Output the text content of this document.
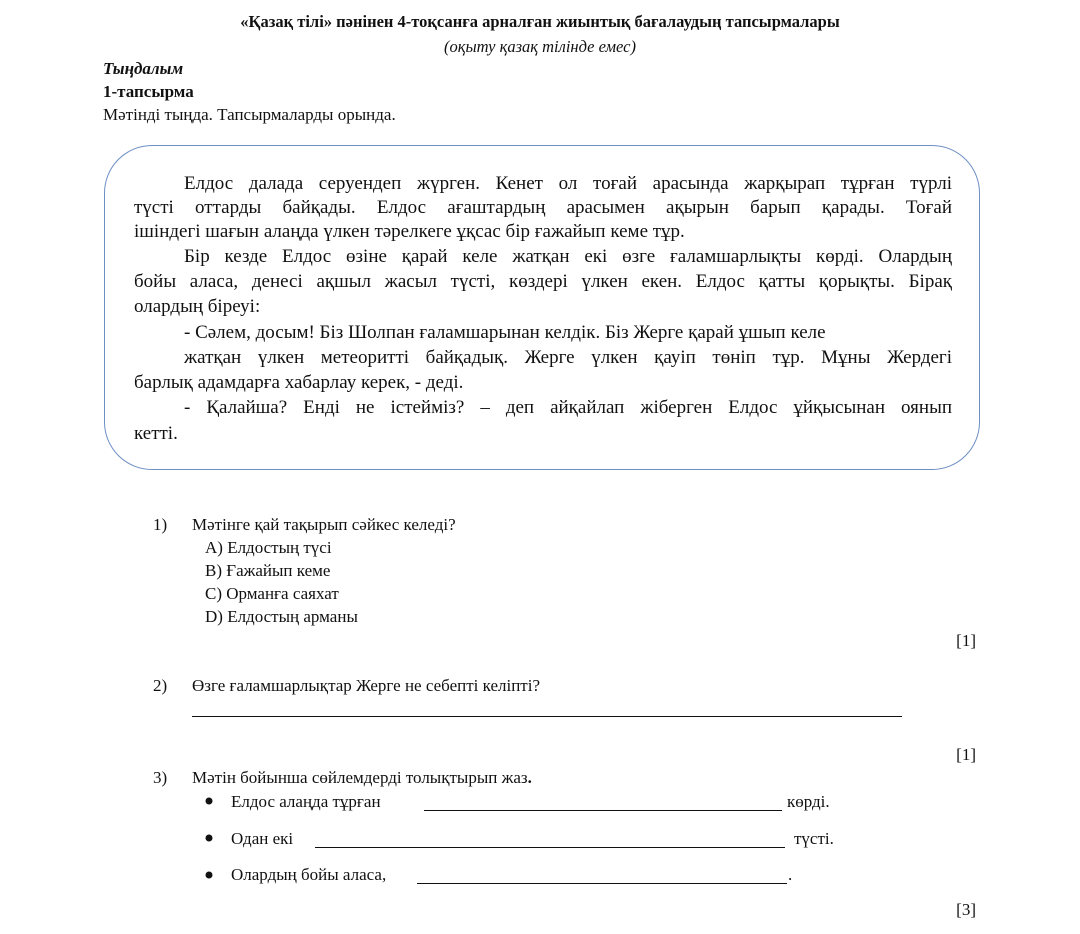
«Қазақ тілі» пәнінен 4-тоқсанға арналған жиынтық бағалаудың тапсырмалары
(оқыту қазақ тілінде емес)
Тыңдалым
1-тапсырма
Мәтінді тыңда. Тапсырмаларды орында.
Елдос далада серуендеп жүрген. Кенет ол тоғай арасында жарқырап тұрған түрлі
түсті оттарды байқады. Елдос ағаштардың арасымен ақырын барып қарады. Тоғай
ішіндегі шағын алаңда үлкен тәрелкеге ұқсас бір ғажайып кеме тұр.
Бір кезде Елдос өзіне қарай келе жатқан екі өзге ғаламшарлықты көрді. Олардың
бойы аласа, денесі ақшыл жасыл түсті, көздері үлкен екен. Елдос қатты қорықты. Бірақ
олардың біреуі:
- Сәлем, досым! Біз Шолпан ғаламшарынан келдік. Біз Жерге қарай ұшып келе
жатқан үлкен метеоритті байқадық. Жерге үлкен қауіп төніп тұр. Мұны Жердегі
барлық адамдарға хабарлау керек, - деді.
- Қалайша? Енді не істейміз? – деп айқайлап жіберген Елдос ұйқысынан оянып
кетті.
1) Мәтінге қай тақырып сәйкес келеді?
A) Елдостың түсі
B) Ғажайып кеме
C) Орманға саяхат
D) Елдостың арманы
[1]
2) Өзге ғаламшарлықтар Жерге не себепті келіпті?
[1]
3) Мәтін бойынша сөйлемдерді толықтырып жаз.
Елдос алаңда тұрған	көрді.
Одан екі	түсті.
Олардың бойы аласа,	.
[3]
